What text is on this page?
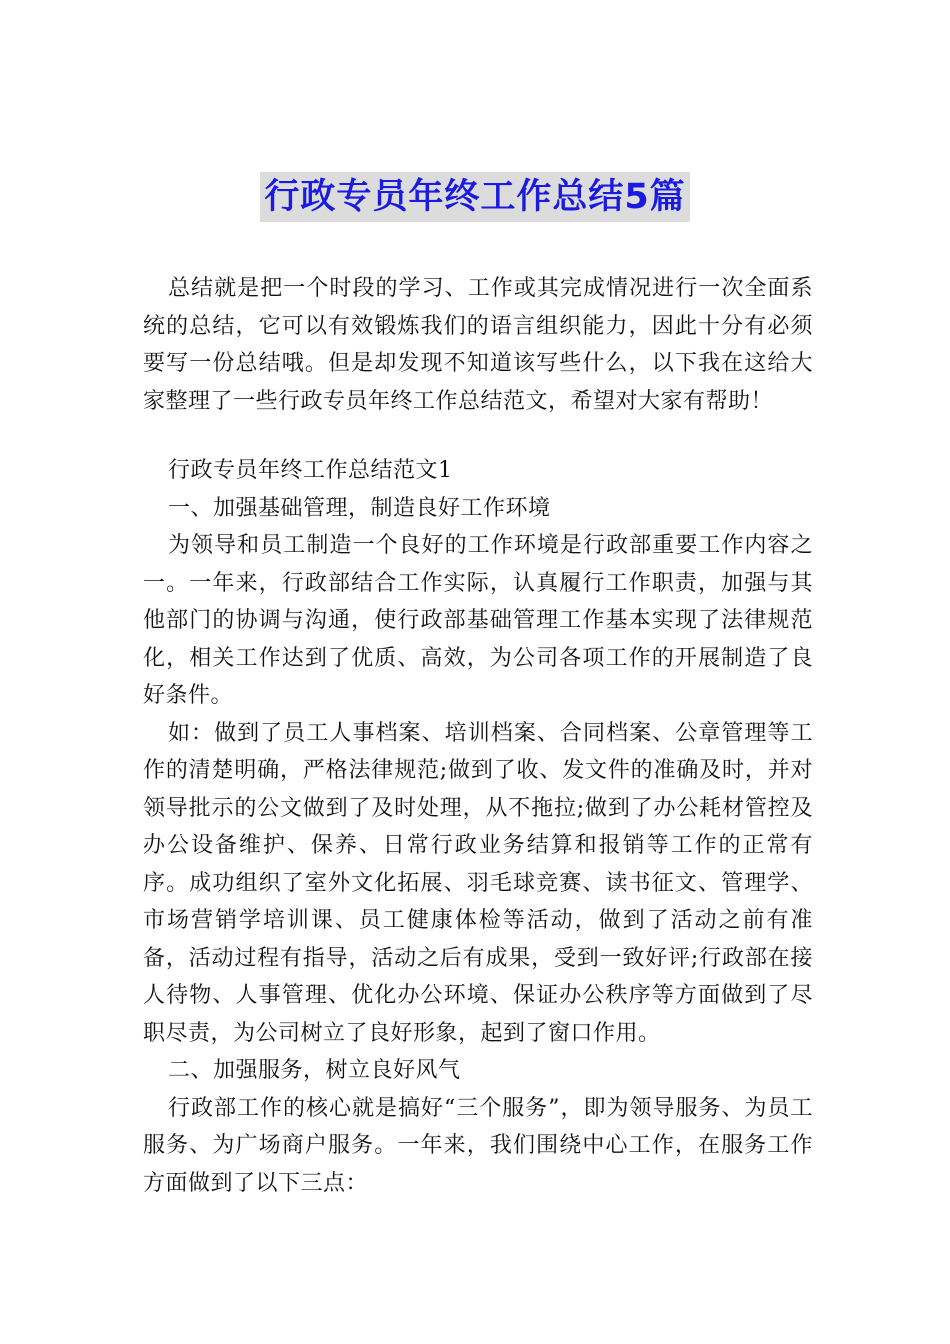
行政专员年终工作总结5篇

总结就是把一个时段的学习、工作或其完成情况进行一次全面系统的总结，它可以有效锻炼我们的语言组织能力，因此十分有必须要写一份总结哦。但是却发现不知道该写些什么，以下我在这给大家整理了一些行政专员年终工作总结范文，希望对大家有帮助！

行政专员年终工作总结范文1

一、加强基础管理，制造良好工作环境

为领导和员工制造一个良好的工作环境是行政部重要工作内容之一。一年来，行政部结合工作实际，认真履行工作职责，加强与其他部门的协调与沟通，使行政部基础管理工作基本实现了法律规范化，相关工作达到了优质、高效，为公司各项工作的开展制造了良好条件。

如：做到了员工人事档案、培训档案、合同档案、公章管理等工作的清楚明确，严格法律规范;做到了收、发文件的准确及时，并对领导批示的公文做到了及时处理，从不拖拉;做到了办公耗材管控及办公设备维护、保养、日常行政业务结算和报销等工作的正常有序。成功组织了室外文化拓展、羽毛球竞赛、读书征文、管理学、市场营销学培训课、员工健康体检等活动，做到了活动之前有准备，活动过程有指导，活动之后有成果，受到一致好评;行政部在接人待物、人事管理、优化办公环境、保证办公秩序等方面做到了尽职尽责，为公司树立了良好形象，起到了窗口作用。

二、加强服务，树立良好风气

行政部工作的核心就是搞好“三个服务”，即为领导服务、为员工服务、为广场商户服务。一年来，我们围绕中心工作，在服务工作方面做到了以下三点：
